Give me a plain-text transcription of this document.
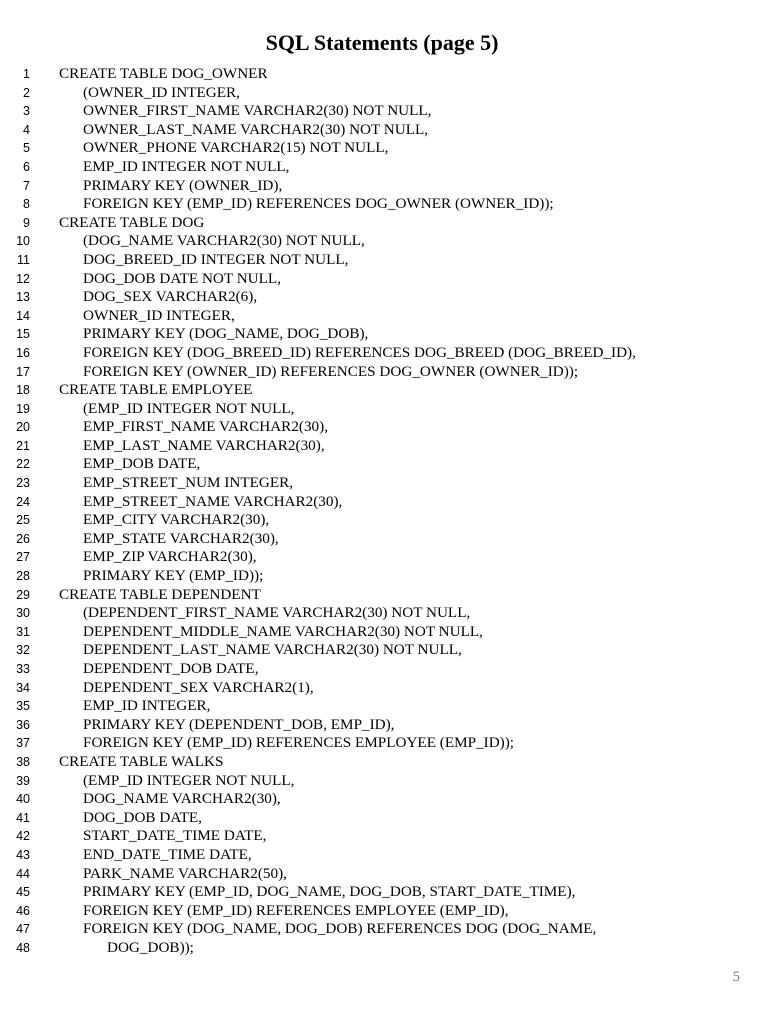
SQL Statements (page 5)
1 CREATE TABLE DOG_OWNER
2	(OWNER_ID INTEGER,
3	OWNER_FIRST_NAME VARCHAR2(30) NOT NULL,
4	OWNER_LAST_NAME VARCHAR2(30) NOT NULL,
5	OWNER_PHONE VARCHAR2(15) NOT NULL,
6	EMP_ID INTEGER NOT NULL,
7	PRIMARY KEY (OWNER_ID),
8	FOREIGN KEY (EMP_ID) REFERENCES DOG_OWNER (OWNER_ID));
9 CREATE TABLE DOG
10	(DOG_NAME VARCHAR2(30) NOT NULL,
11	DOG_BREED_ID INTEGER NOT NULL,
12	DOG_DOB DATE NOT NULL,
13	DOG_SEX VARCHAR2(6),
14	OWNER_ID INTEGER,
15	PRIMARY KEY (DOG_NAME, DOG_DOB),
16	FOREIGN KEY (DOG_BREED_ID) REFERENCES DOG_BREED (DOG_BREED_ID),
17	FOREIGN KEY (OWNER_ID) REFERENCES DOG_OWNER (OWNER_ID));
18 CREATE TABLE EMPLOYEE
19	(EMP_ID INTEGER NOT NULL,
20	EMP_FIRST_NAME VARCHAR2(30),
21	EMP_LAST_NAME VARCHAR2(30),
22	EMP_DOB DATE,
23	EMP_STREET_NUM INTEGER,
24	EMP_STREET_NAME VARCHAR2(30),
25	EMP_CITY VARCHAR2(30),
26	EMP_STATE VARCHAR2(30),
27	EMP_ZIP VARCHAR2(30),
28	PRIMARY KEY (EMP_ID));
29 CREATE TABLE DEPENDENT
30	(DEPENDENT_FIRST_NAME VARCHAR2(30) NOT NULL,
31	DEPENDENT_MIDDLE_NAME VARCHAR2(30) NOT NULL,
32	DEPENDENT_LAST_NAME VARCHAR2(30) NOT NULL,
33	DEPENDENT_DOB DATE,
34	DEPENDENT_SEX VARCHAR2(1),
35	EMP_ID INTEGER,
36	PRIMARY KEY (DEPENDENT_DOB, EMP_ID),
37	FOREIGN KEY (EMP_ID) REFERENCES EMPLOYEE (EMP_ID));
38 CREATE TABLE WALKS
39	(EMP_ID INTEGER NOT NULL,
40	DOG_NAME VARCHAR2(30),
41	DOG_DOB DATE,
42	START_DATE_TIME DATE,
43	END_DATE_TIME DATE,
44	PARK_NAME VARCHAR2(50),
45	PRIMARY KEY (EMP_ID, DOG_NAME, DOG_DOB, START_DATE_TIME),
46	FOREIGN KEY (EMP_ID) REFERENCES EMPLOYEE (EMP_ID),
47	FOREIGN KEY (DOG_NAME, DOG_DOB) REFERENCES DOG (DOG_NAME,
48	DOG_DOB));
5
